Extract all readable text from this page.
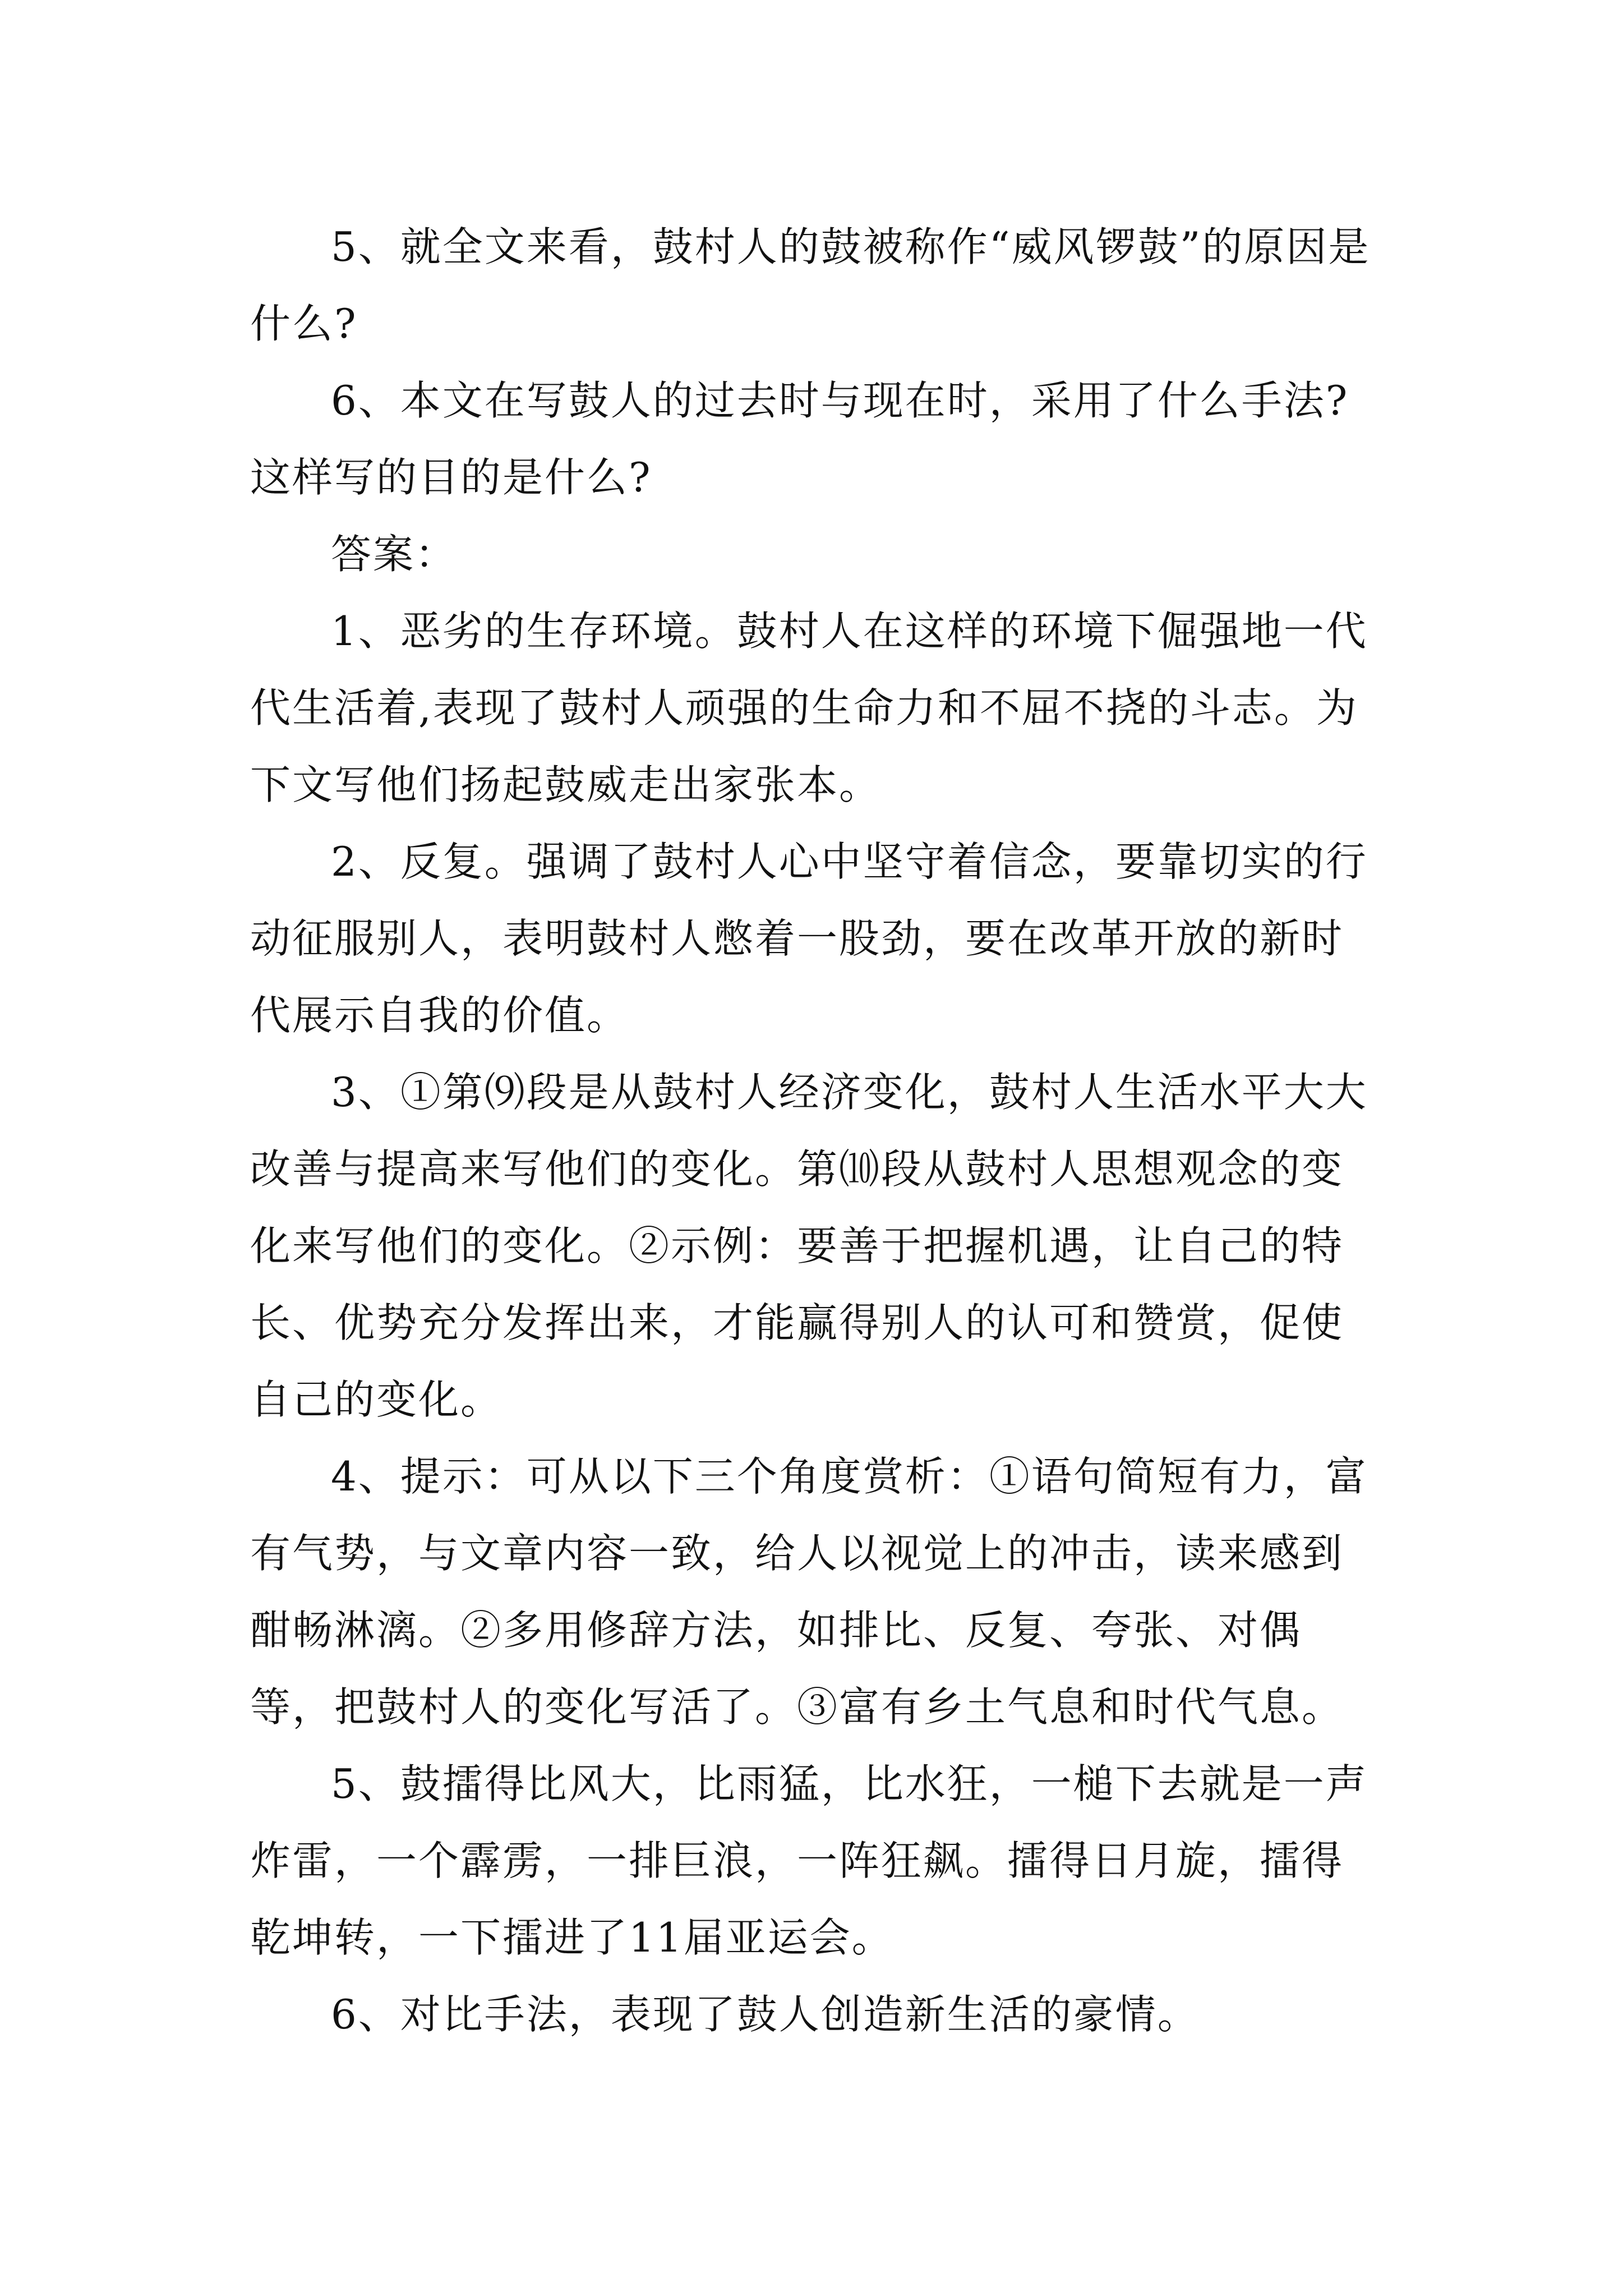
5、就全文来看，鼓村人的鼓被称作“威风锣鼓”的原因是什么?

6、本文在写鼓人的过去时与现在时，采用了什么手法?这样写的目的是什么?

答案：

1、恶劣的生存环境。鼓村人在这样的环境下倔强地一代代生活着,表现了鼓村人顽强的生命力和不屈不挠的斗志。为下文写他们扬起鼓威走出家张本。

2、反复。强调了鼓村人心中坚守着信念，要靠切实的行动征服别人，表明鼓村人憋着一股劲，要在改革开放的新时代展示自我的价值。

3、①第⑼段是从鼓村人经济变化，鼓村人生活水平大大改善与提高来写他们的变化。第⑽段从鼓村人思想观念的变化来写他们的变化。②示例：要善于把握机遇，让自己的特长、优势充分发挥出来，才能赢得别人的认可和赞赏，促使自己的变化。

4、提示：可从以下三个角度赏析：①语句简短有力，富有气势，与文章内容一致，给人以视觉上的冲击，读来感到酣畅淋漓。②多用修辞方法，如排比、反复、夸张、对偶等，把鼓村人的变化写活了。③富有乡土气息和时代气息。

5、鼓擂得比风大，比雨猛，比水狂，一槌下去就是一声炸雷，一个霹雳，一排巨浪，一阵狂飙。擂得日月旋，擂得乾坤转，一下擂进了11届亚运会。

6、对比手法，表现了鼓人创造新生活的豪情。
